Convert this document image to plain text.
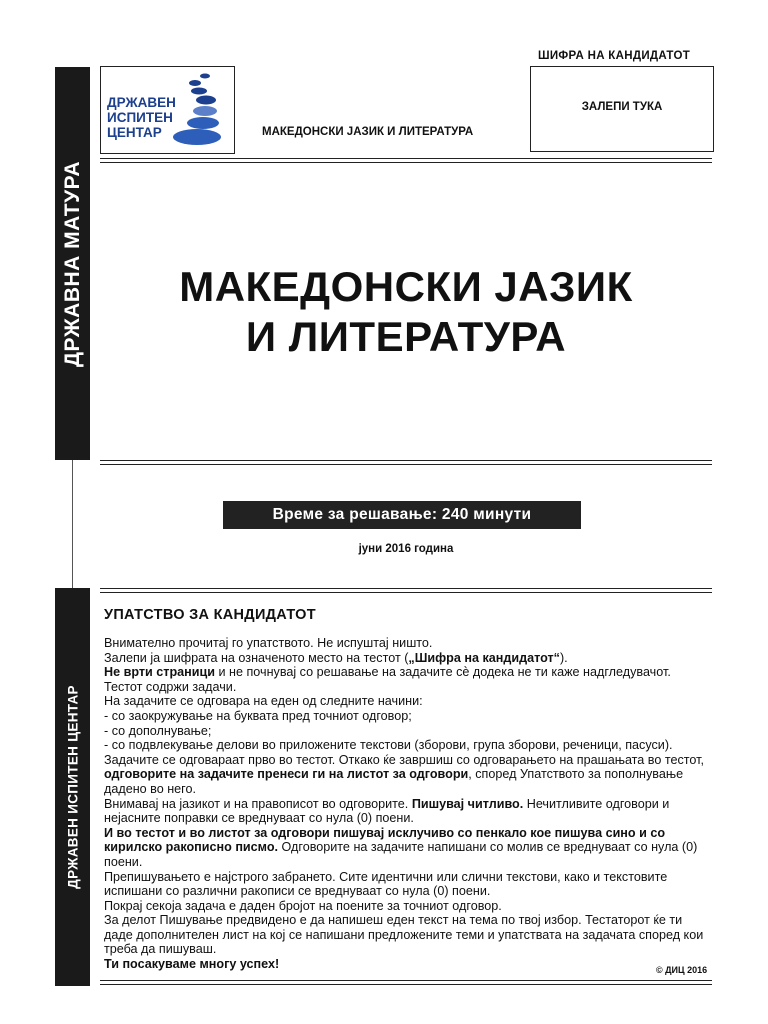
ДРЖАВНА МАТУРА
ДРЖАВЕН ИСПИТЕН ЦЕНТАР
ДРЖАВЕН
ИСПИТЕН
ЦЕНТАР	МАКЕДОНСКИ ЈАЗИК И ЛИТЕРАТУРА
ШИФРА НА КАНДИДАТОТ
ЗАЛЕПИ ТУКА
МАКЕДОНСКИ ЈАЗИК
И ЛИТЕРАТУРА
Време за решавање: 240 минути
јуни 2016 година
УПАТСТВО ЗА КАНДИДАТОТ

Внимателно прочитај го упатството. Не испуштај ништо.

Залепи ја шифрата на означеното место на тестот („Шифра на кандидатот“).

Не врти страници и не почнувај со решавање на задачите сѐ додека не ти каже надгледувачот.

Тестот содржи задачи.

На задачите се одговара на еден од следните начини:

- со заокружување на буквата пред точниот одговор;

- со дополнување;

- со подвлекување делови во приложените текстови (зборови, група зборови, реченици, пасуси).

Задачите се одговараат прво во тестот. Откако ќе завршиш со одговарањето на прашањата во тестот, одговорите на задачите пренеси ги на листот за одговори, според Упатството за пополнување дадено во него.

Внимавај на јазикот и на правописот во одговорите. Пишувај читливо. Нечитливите одговори и нејасните поправки се вреднуваат со нула (0) поени.

И во тестот и во листот за одговори пишувај исклучиво со пенкало кое пишува сино и со кирилско ракописно писмо. Одговорите на задачите напишани со молив се вреднуваат со нула (0) поени.

Препишувањето е најстрого забрането. Сите идентични или слични текстови, како и текстовите испишани со различни ракописи се вреднуваат со нула (0) поени.

Покрај секоја задача е даден бројот на поените за точниот одговор.

За делот Пишување предвидено е да напишеш еден текст на тема по твој избор. Тестаторот ќе ти даде дополнителен лист на кој се напишани предложените теми и упатствата на задачата според кои треба да пишуваш.

Ти посакуваме многу успех!	© ДИЦ 2016
